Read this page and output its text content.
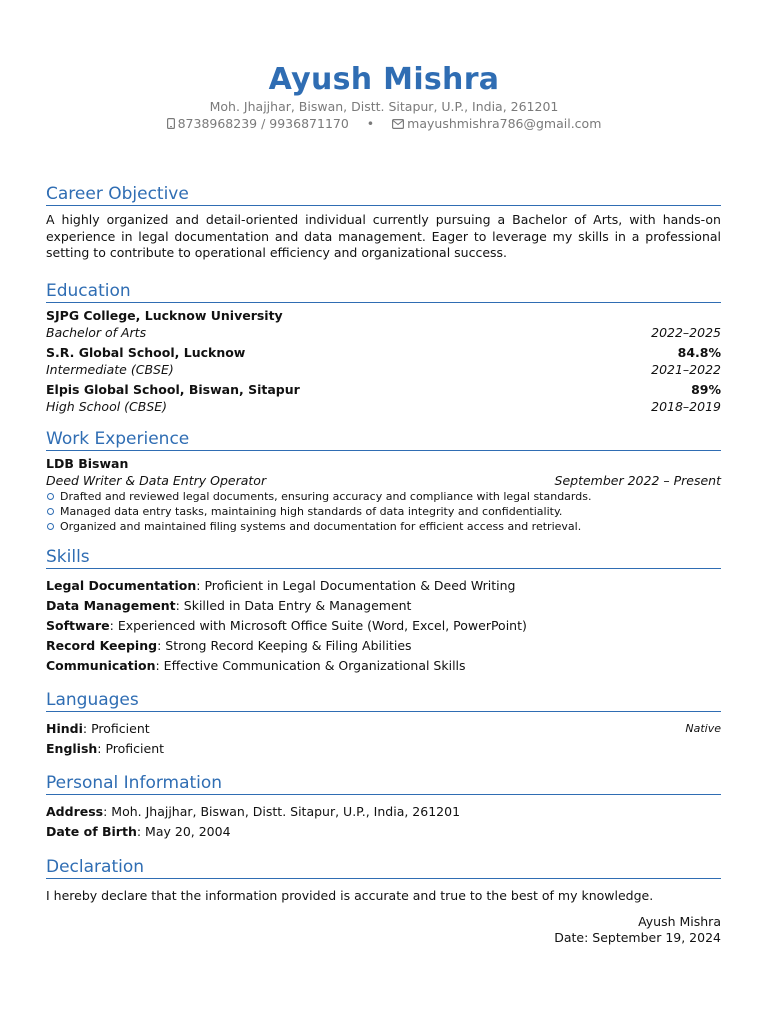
Ayush Mishra
Moh. Jhajjhar, Biswan, Distt. Sitapur, U.P., India, 261201
8738968239 / 9936871170 •	mayushmishra786@gmail.com
Career Objective
A highly organized and detail-oriented individual currently pursuing a Bachelor of Arts, with hands-on experience in legal documentation and data management. Eager to leverage my skills in a professional setting to contribute to operational efficiency and organizational success.
Education
SJPG College, Lucknow University
Bachelor of Arts	2022–2025
S.R. Global School, Lucknow	84.8%
Intermediate (CBSE)	2021–2022
Elpis Global School, Biswan, Sitapur	89%
High School (CBSE)	2018–2019
Work Experience
LDB Biswan
Deed Writer & Data Entry Operator	September 2022 – Present
Drafted and reviewed legal documents, ensuring accuracy and compliance with legal standards.
Managed data entry tasks, maintaining high standards of data integrity and confidentiality.
Organized and maintained filing systems and documentation for efficient access and retrieval.
Skills
Legal Documentation: Proficient in Legal Documentation & Deed Writing
Data Management: Skilled in Data Entry & Management
Software: Experienced with Microsoft Office Suite (Word, Excel, PowerPoint)
Record Keeping: Strong Record Keeping & Filing Abilities
Communication: Effective Communication & Organizational Skills
Languages
Hindi: Proficient	Native
English: Proficient
Personal Information
Address: Moh. Jhajjhar, Biswan, Distt. Sitapur, U.P., India, 261201
Date of Birth: May 20, 2004
Declaration
I hereby declare that the information provided is accurate and true to the best of my knowledge.
Ayush Mishra
Date: September 19, 2024
